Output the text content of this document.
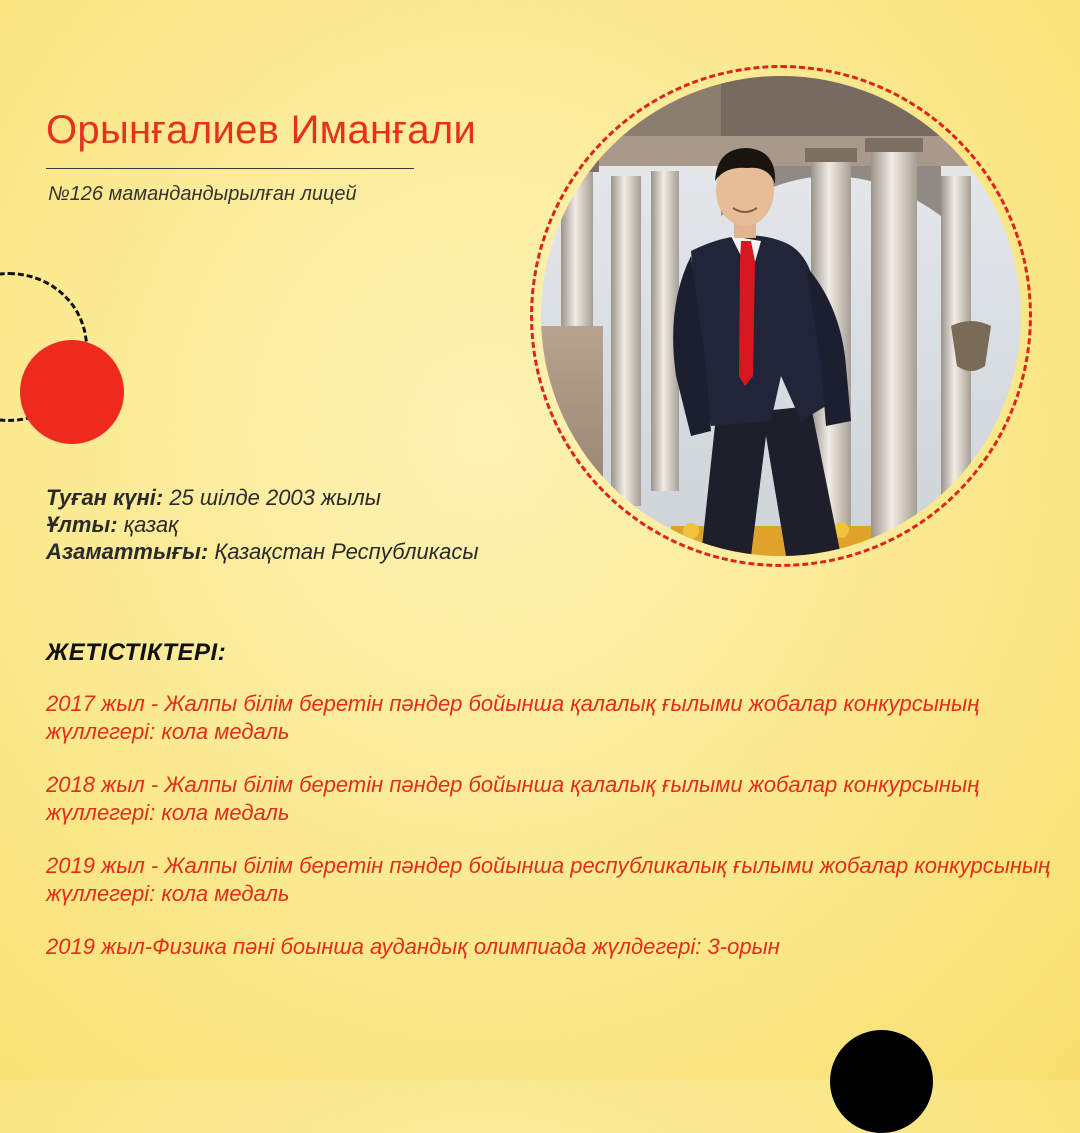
Орынғалиев Иманғали
№126 мамандандырылған лицей
Туған күні: 25 шілде 2003 жылы
Ұлты: қазақ
Азаматтығы: Қазақстан Республикасы
ЖЕТІСТІКТЕРІ:
2017 жыл - Жалпы білім беретін пәндер бойынша қалалық ғылыми жобалар конкурсының жүллегері: кола медаль
2018 жыл - Жалпы білім беретін пәндер бойынша қалалық ғылыми жобалар конкурсының жүллегері: кола медаль
2019 жыл - Жалпы білім беретін пәндер бойынша республикалық ғылыми жобалар конкурсының жүллегері: кола медаль
2019 жыл-Физика пәні боынша аудандық олимпиада жүлдегері: 3-орын
